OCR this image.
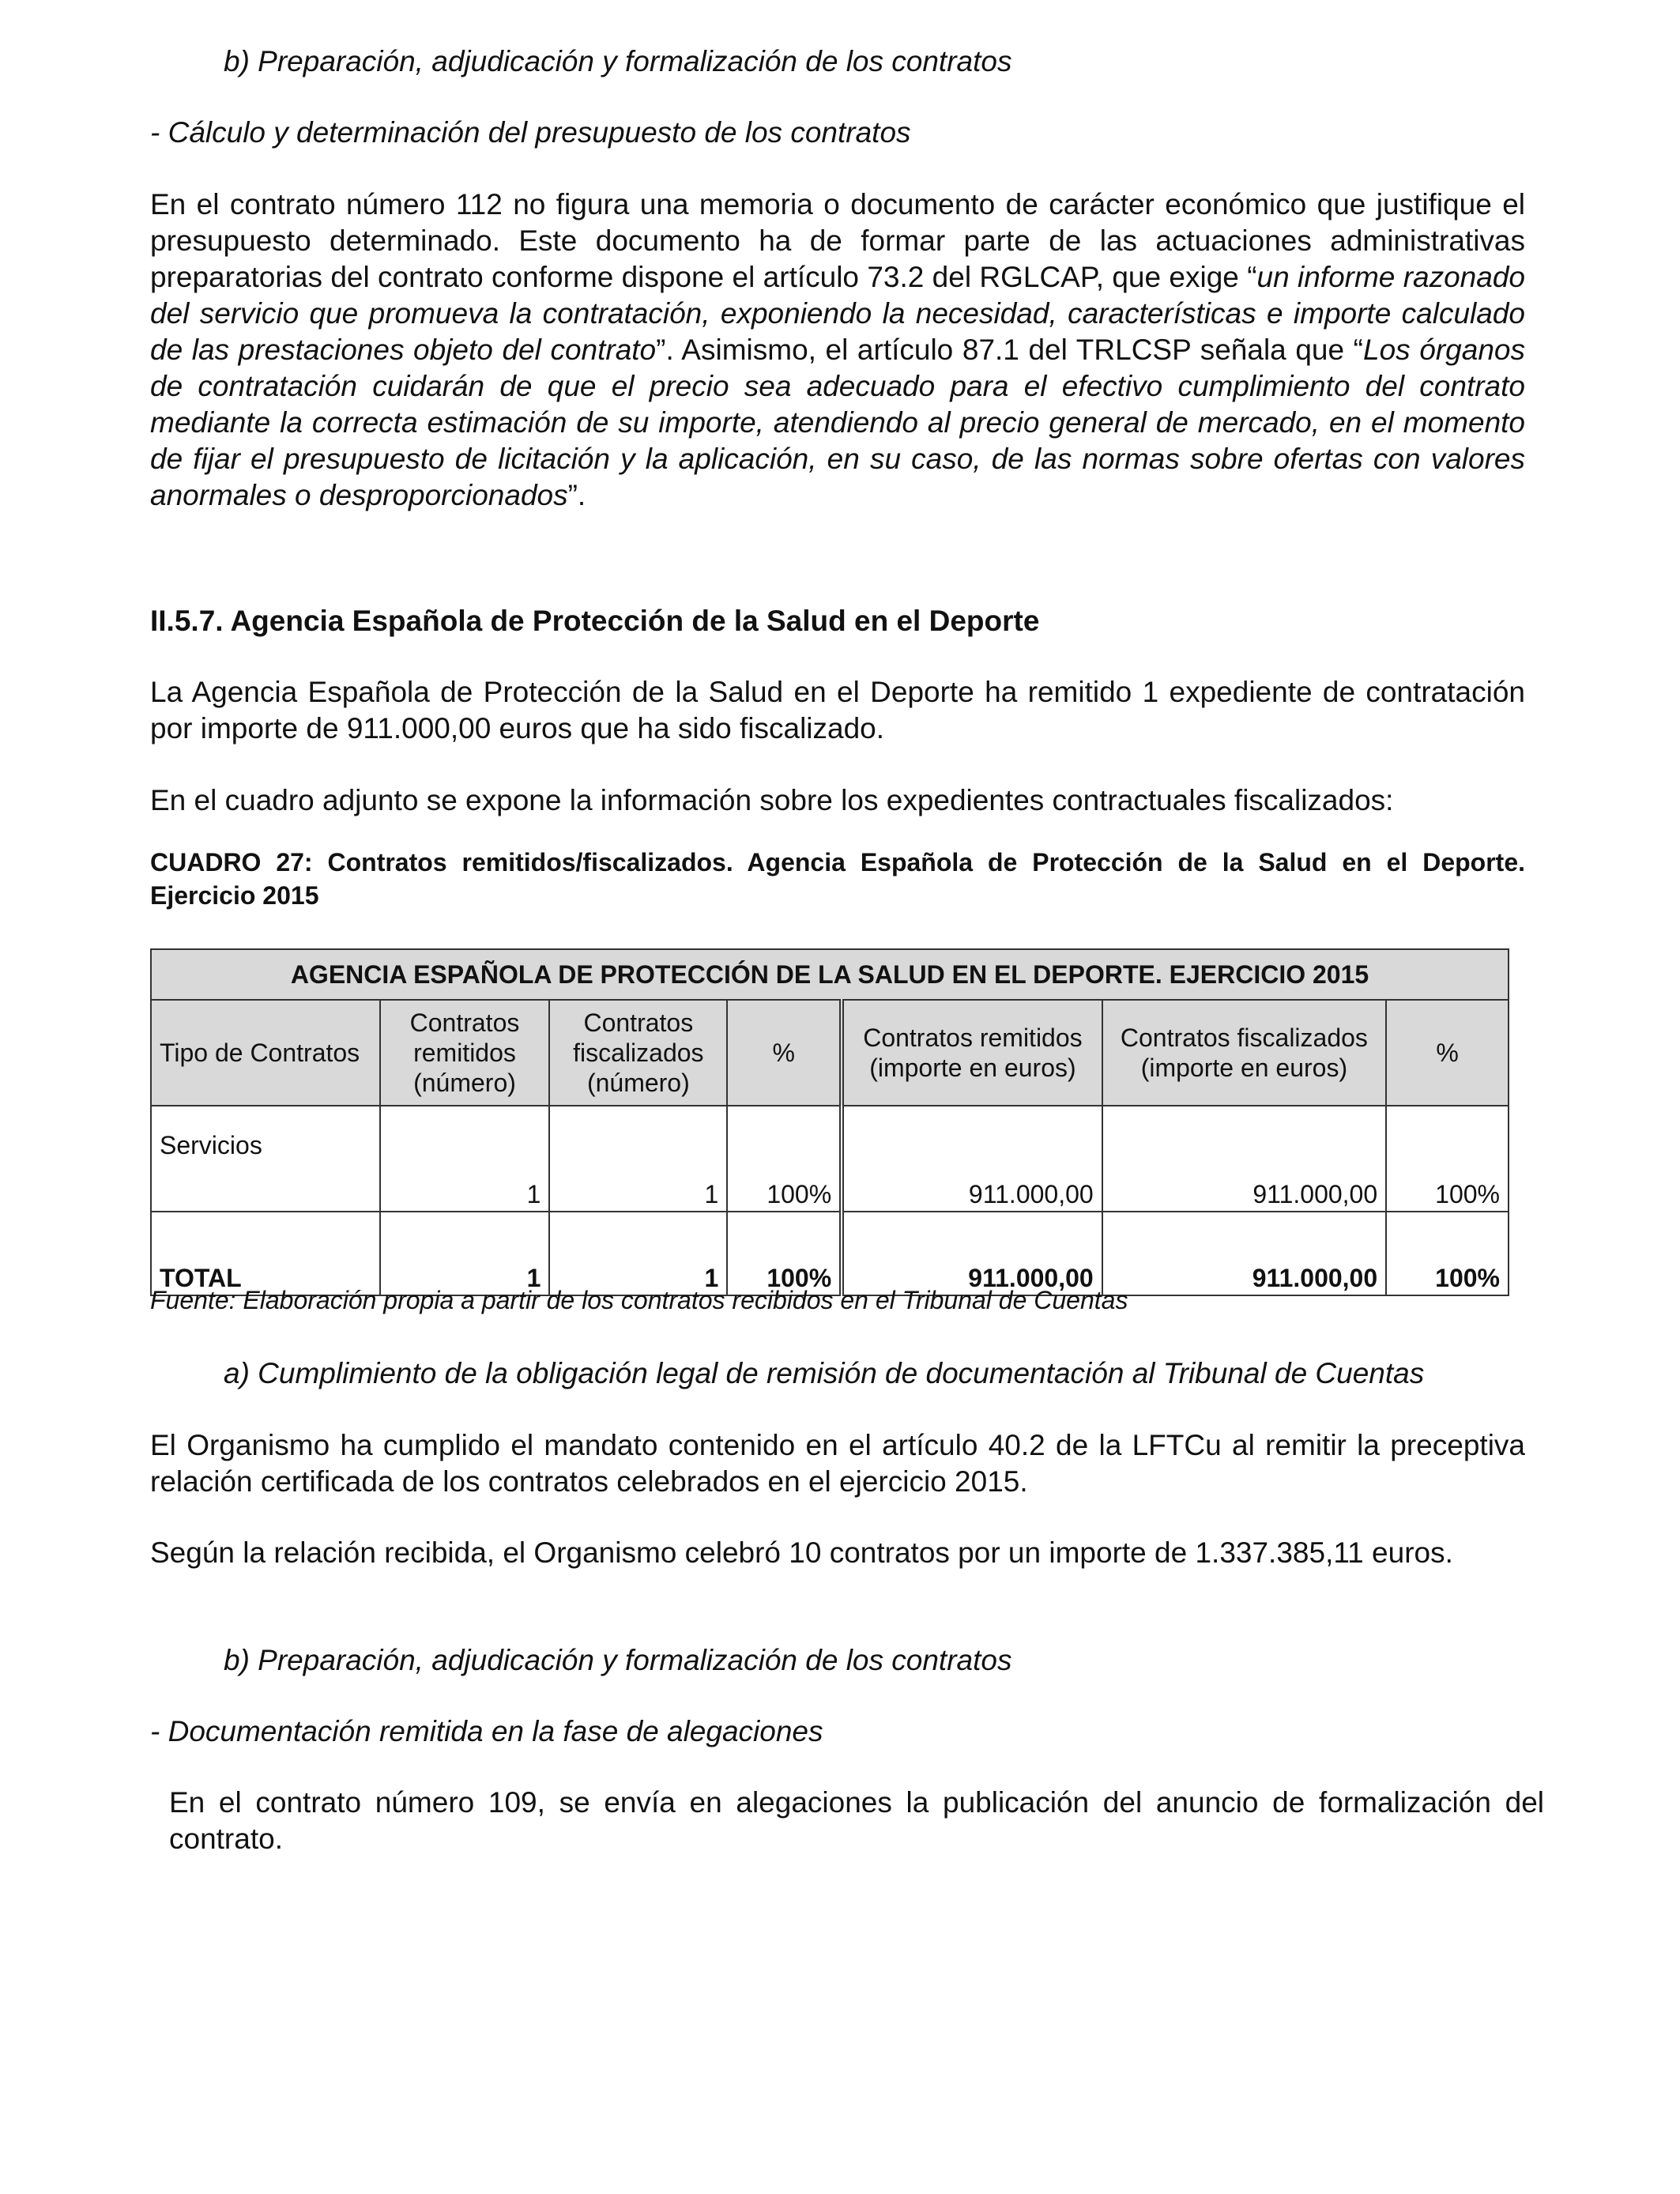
b) Preparación, adjudicación y formalización de los contratos
- Cálculo y determinación del presupuesto de los contratos
En el contrato número 112 no figura una memoria o documento de carácter económico que justifique el presupuesto determinado. Este documento ha de formar parte de las actuaciones administrativas preparatorias del contrato conforme dispone el artículo 73.2 del RGLCAP, que exige “un informe razonado del servicio que promueva la contratación, exponiendo la necesidad, características e importe calculado de las prestaciones objeto del contrato”. Asimismo, el artículo 87.1 del TRLCSP señala que “Los órganos de contratación cuidarán de que el precio sea adecuado para el efectivo cumplimiento del contrato mediante la correcta estimación de su importe, atendiendo al precio general de mercado, en el momento de fijar el presupuesto de licitación y la aplicación, en su caso, de las normas sobre ofertas con valores anormales o desproporcionados”.
II.5.7. Agencia Española de Protección de la Salud en el Deporte
La Agencia Española de Protección de la Salud en el Deporte ha remitido 1 expediente de contratación por importe de 911.000,00 euros que ha sido fiscalizado.
En el cuadro adjunto se expone la información sobre los expedientes contractuales fiscalizados:
CUADRO 27: Contratos remitidos/fiscalizados. Agencia Española de Protección de la Salud en el Deporte. Ejercicio 2015
AGENCIA ESPAÑOLA DE PROTECCIÓN DE LA SALUD EN EL DEPORTE. EJERCICIO 2015						
Tipo de Contratos	Contratos remitidos (número)	Contratos fiscalizados (número)	%	Contratos remitidos (importe en euros)	Contratos fiscalizados (importe en euros)	%
Servicios	1	1	100%	911.000,00	911.000,00	100%
TOTAL	1	1	100%	911.000,00	911.000,00	100%
Fuente: Elaboración propia a partir de los contratos recibidos en el Tribunal de Cuentas
a) Cumplimiento de la obligación legal de remisión de documentación al Tribunal de Cuentas
El Organismo ha cumplido el mandato contenido en el artículo 40.2 de la LFTCu al remitir la preceptiva relación certificada de los contratos celebrados en el ejercicio 2015.
Según la relación recibida, el Organismo celebró 10 contratos por un importe de 1.337.385,11 euros.
b) Preparación, adjudicación y formalización de los contratos
- Documentación remitida en la fase de alegaciones
En el contrato número 109, se envía en alegaciones la publicación del anuncio de formalización del contrato.
